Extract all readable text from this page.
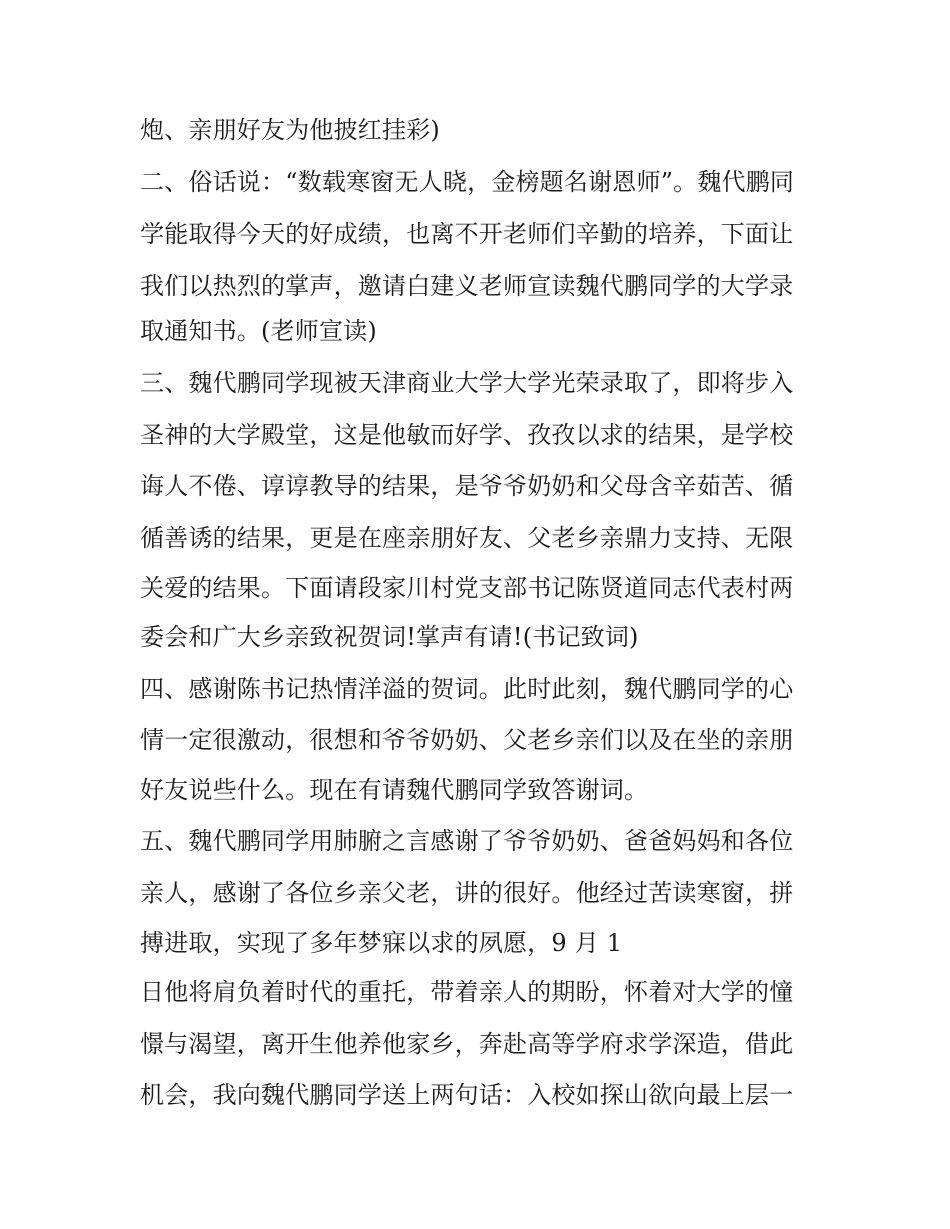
炮、亲朋好友为他披红挂彩)
二、俗话说：“数载寒窗无人晓，金榜题名谢恩师”。魏代鹏同
学能取得今天的好成绩，也离不开老师们辛勤的培养，下面让
我们以热烈的掌声，邀请白建义老师宣读魏代鹏同学的大学录
取通知书。(老师宣读)
三、魏代鹏同学现被天津商业大学大学光荣录取了，即将步入
圣神的大学殿堂，这是他敏而好学、孜孜以求的结果，是学校
诲人不倦、谆谆教导的结果，是爷爷奶奶和父母含辛茹苦、循
循善诱的结果，更是在座亲朋好友、父老乡亲鼎力支持、无限
关爱的结果。下面请段家川村党支部书记陈贤道同志代表村两
委会和广大乡亲致祝贺词!掌声有请!(书记致词)
四、感谢陈书记热情洋溢的贺词。此时此刻，魏代鹏同学的心
情一定很激动，很想和爷爷奶奶、父老乡亲们以及在坐的亲朋
好友说些什么。现在有请魏代鹏同学致答谢词。
五、魏代鹏同学用肺腑之言感谢了爷爷奶奶、爸爸妈妈和各位
亲人，感谢了各位乡亲父老，讲的很好。他经过苦读寒窗，拼
搏进取，实现了多年梦寐以求的夙愿，9 月 1
日他将肩负着时代的重托，带着亲人的期盼，怀着对大学的憧
憬与渴望，离开生他养他家乡，奔赴高等学府求学深造，借此
机会，我向魏代鹏同学送上两句话：入校如探山欲向最上层一
